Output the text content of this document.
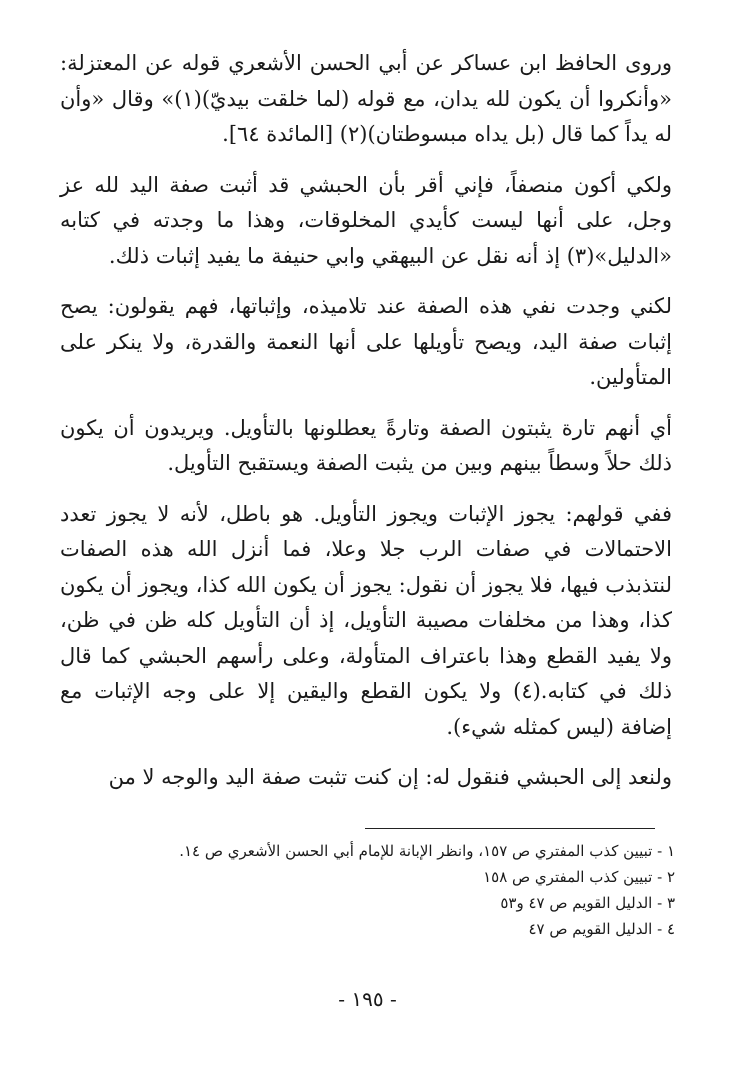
وروى الحافظ ابن عساكر عن أبي الحسن الأشعري قوله عن المعتزلة: «وأنكروا أن يكون لله يدان، مع قوله (لما خلقت بيديّ)(١)» وقال «وأن له يداً كما قال (بل يداه مبسوطتان)(٢) [المائدة ٦٤].

ولكي أكون منصفاً، فإني أقر بأن الحبشي قد أثبت صفة اليد لله عز وجل، على أنها ليست كأيدي المخلوقات، وهذا ما وجدته في كتابه «الدليل»(٣) إذ أنه نقل عن البيهقي وابي حنيفة ما يفيد إثبات ذلك.

لكني وجدت نفي هذه الصفة عند تلاميذه، وإثباتها، فهم يقولون: يصح إثبات صفة اليد، ويصح تأويلها على أنها النعمة والقدرة، ولا ينكر على المتأولين.

أي أنهم تارة يثبتون الصفة وتارةً يعطلونها بالتأويل. ويريدون أن يكون ذلك حلاً وسطاً بينهم وبين من يثبت الصفة ويستقبح التأويل.

ففي قولهم: يجوز الإثبات ويجوز التأويل. هو باطل، لأنه لا يجوز تعدد الاحتمالات في صفات الرب جلا وعلا، فما أنزل الله هذه الصفات لنتذبذب فيها، فلا يجوز أن نقول: يجوز أن يكون الله كذا، ويجوز أن يكون كذا، وهذا من مخلفات مصيبة التأويل، إذ أن التأويل كله ظن في ظن، ولا يفيد القطع وهذا باعتراف المتأولة، وعلى رأسهم الحبشي كما قال ذلك في كتابه.(٤) ولا يكون القطع واليقين إلا على وجه الإثبات مع إضافة (ليس كمثله شيء).

ولنعد إلى الحبشي فنقول له: إن كنت تثبت صفة اليد والوجه لا من

١ - تبيين كذب المفتري ص ١٥٧، وانظر الإبانة للإمام أبي الحسن الأشعري ص ١٤.

٢ - تبيين كذب المفتري ص ١٥٨

٣ - الدليل القويم ص ٤٧ و٥٣

٤ - الدليل القويم ص ٤٧

- ١٩٥ -
